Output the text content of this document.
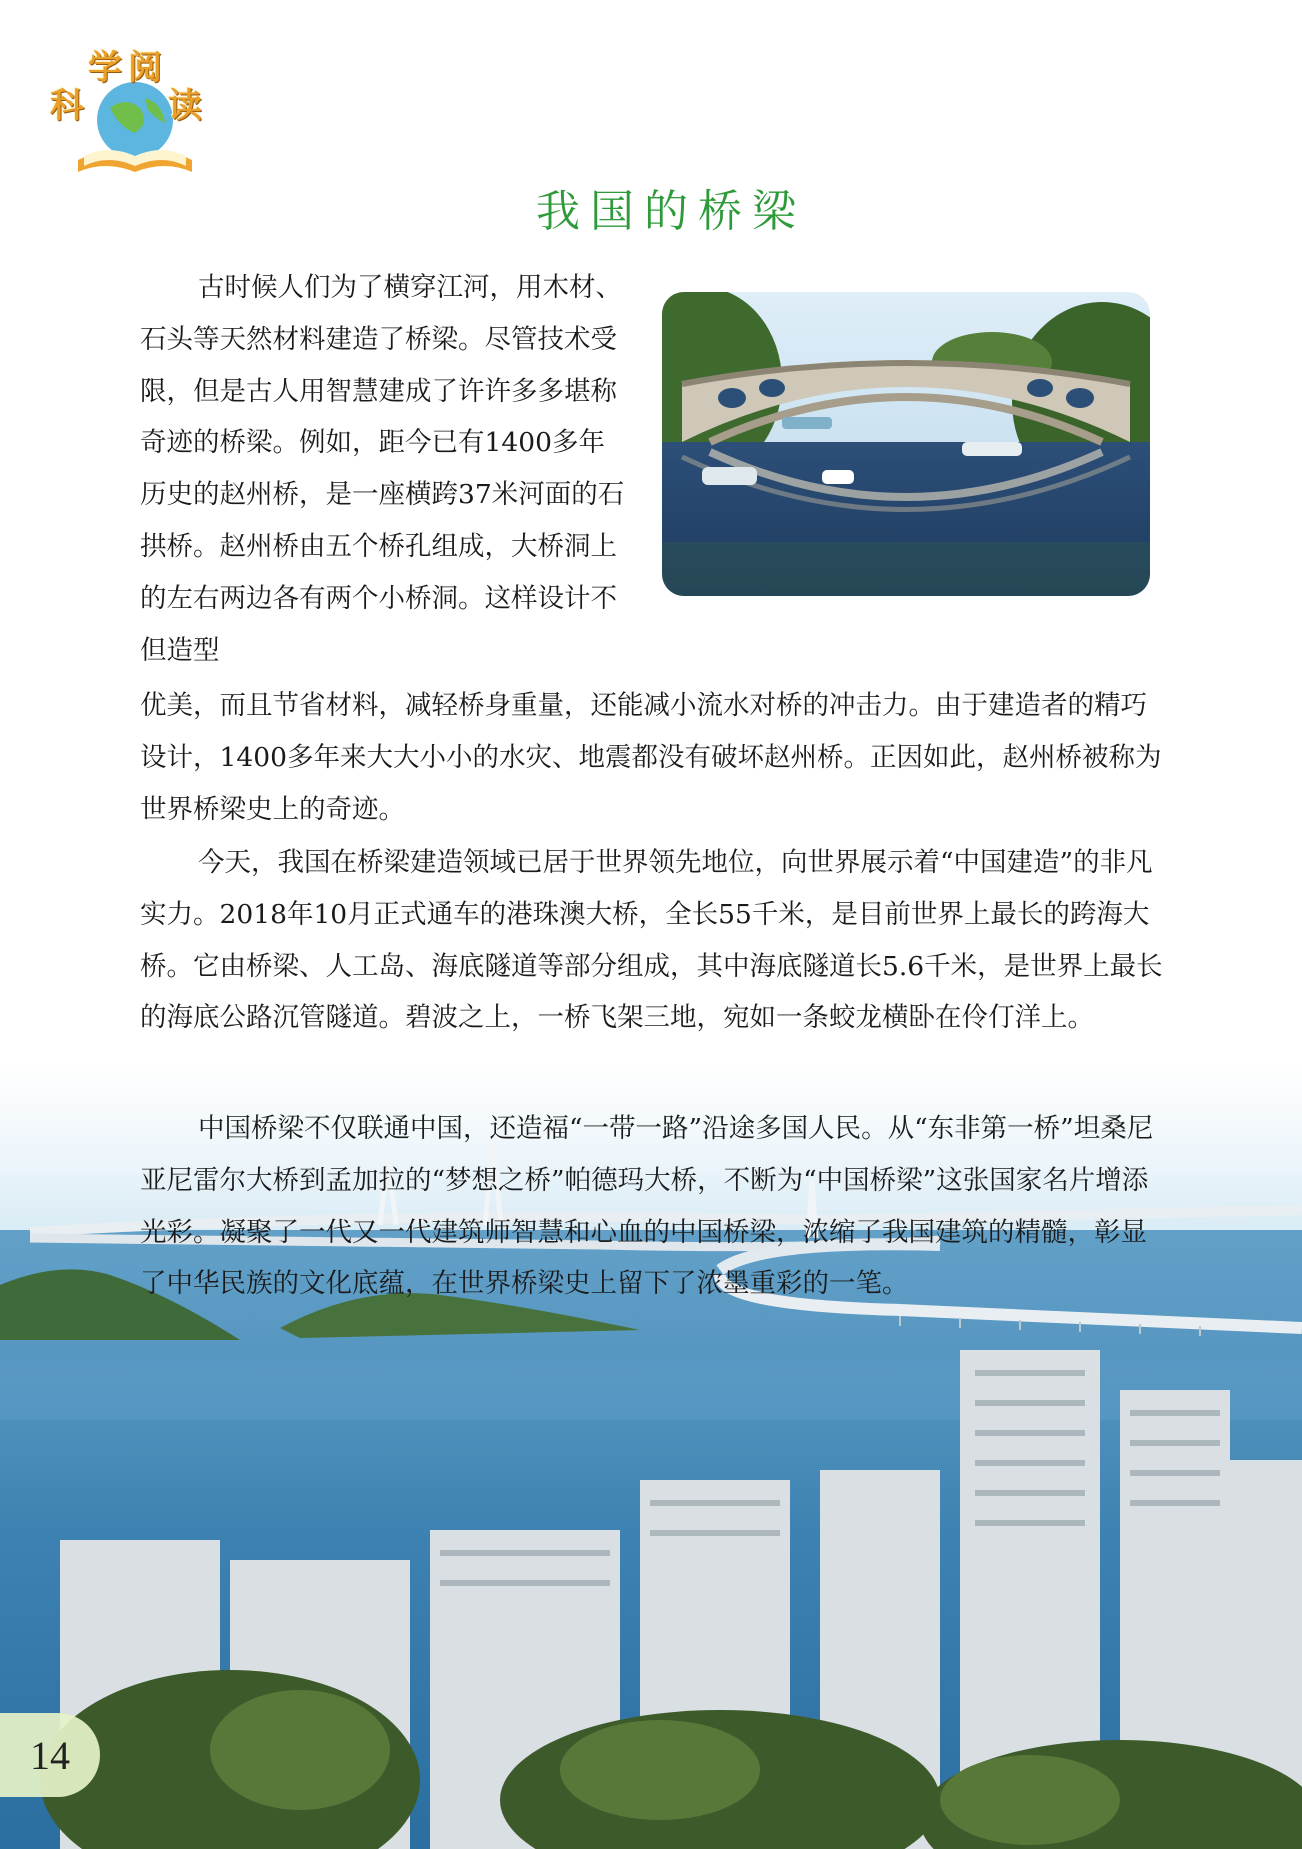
科
学 阅
读
我国的桥梁

古时候人们为了横穿江河，用木材、石头等天然材料建造了桥梁。尽管技术受限，但是古人用智慧建成了许许多多堪称奇迹的桥梁。例如，距今已有1400多年历史的赵州桥，是一座横跨37米河面的石拱桥。赵州桥由五个桥孔组成，大桥洞上的左右两边各有两个小桥洞。这样设计不但造型

优美，而且节省材料，减轻桥身重量，还能减小流水对桥的冲击力。由于建造者的精巧设计，1400多年来大大小小的水灾、地震都没有破坏赵州桥。正因如此，赵州桥被称为世界桥梁史上的奇迹。

今天，我国在桥梁建造领域已居于世界领先地位，向世界展示着“中国建造”的非凡实力。2018年10月正式通车的港珠澳大桥，全长55千米，是目前世界上最长的跨海大桥。它由桥梁、人工岛、海底隧道等部分组成，其中海底隧道长5.6千米，是世界上最长的海底公路沉管隧道。碧波之上，一桥飞架三地，宛如一条蛟龙横卧在伶仃洋上。

中国桥梁不仅联通中国，还造福“一带一路”沿途多国人民。从“东非第一桥”坦桑尼亚尼雷尔大桥到孟加拉的“梦想之桥”帕德玛大桥，不断为“中国桥梁”这张国家名片增添光彩。凝聚了一代又一代建筑师智慧和心血的中国桥梁，浓缩了我国建筑的精髓，彰显了中华民族的文化底蕴，在世界桥梁史上留下了浓墨重彩的一笔。

14
